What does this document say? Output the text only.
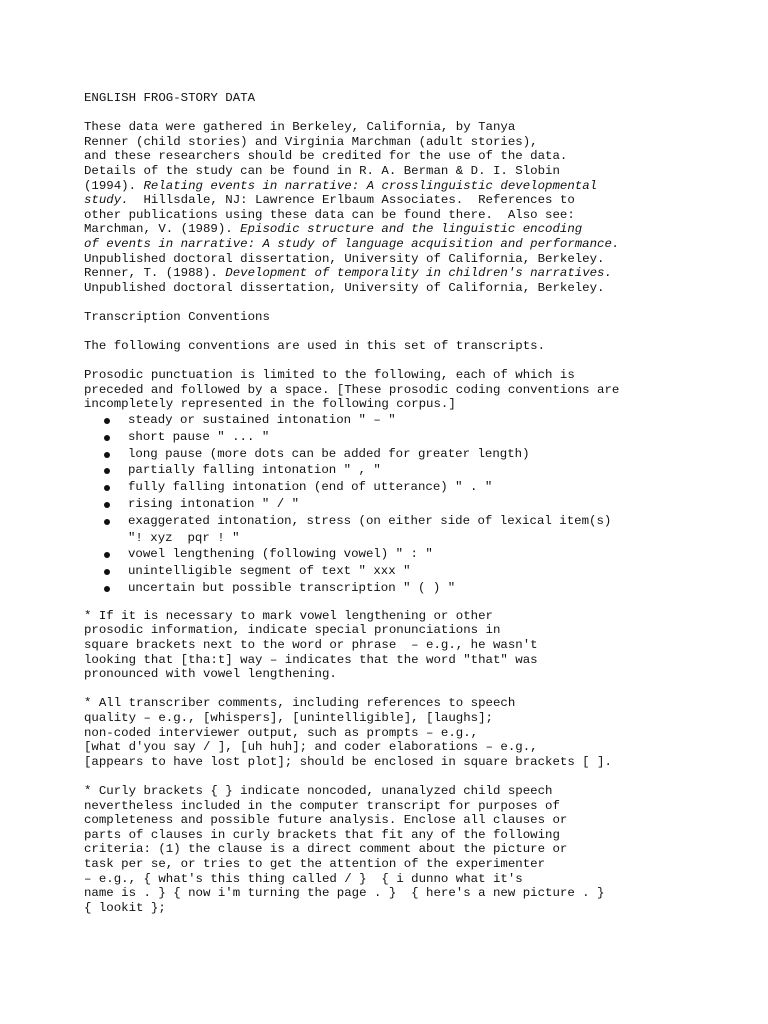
ENGLISH FROG-STORY DATA
These data were gathered in Berkeley, California, by Tanya
Renner (child stories) and Virginia Marchman (adult stories),
and these researchers should be credited for the use of the data.
Details of the study can be found in R. A. Berman & D. I. Slobin
(1994). Relating events in narrative: A crosslinguistic developmental
study.  Hillsdale, NJ: Lawrence Erlbaum Associates.  References to
other publications using these data can be found there.  Also see:
Marchman, V. (1989). Episodic structure and the linguistic encoding
of events in narrative: A study of language acquisition and performance.
Unpublished doctoral dissertation, University of California, Berkeley.
Renner, T. (1988). Development of temporality in children's narratives.
Unpublished doctoral dissertation, University of California, Berkeley.
Transcription Conventions
The following conventions are used in this set of transcripts.
Prosodic punctuation is limited to the following, each of which is
preceded and followed by a space. [These prosodic coding conventions are
incompletely represented in the following corpus.]
steady or sustained intonation " – "
short pause " ... "
long pause (more dots can be added for greater length)
partially falling intonation " , "
fully falling intonation (end of utterance) " . "
rising intonation " / "
exaggerated intonation, stress (on either side of lexical item(s)
"! xyz  pqr ! "
vowel lengthening (following vowel) " : "
unintelligible segment of text " xxx "
uncertain but possible transcription " ( ) "
* If it is necessary to mark vowel lengthening or other
prosodic information, indicate special pronunciations in
square brackets next to the word or phrase  – e.g., he wasn't
looking that [tha:t] way – indicates that the word "that" was
pronounced with vowel lengthening.
* All transcriber comments, including references to speech
quality – e.g., [whispers], [unintelligible], [laughs];
non-coded interviewer output, such as prompts – e.g.,
[what d'you say / ], [uh huh]; and coder elaborations – e.g.,
[appears to have lost plot]; should be enclosed in square brackets [ ].
* Curly brackets { } indicate noncoded, unanalyzed child speech
nevertheless included in the computer transcript for purposes of
completeness and possible future analysis. Enclose all clauses or
parts of clauses in curly brackets that fit any of the following
criteria: (1) the clause is a direct comment about the picture or
task per se, or tries to get the attention of the experimenter
– e.g., { what's this thing called / }  { i dunno what it's
name is . } { now i'm turning the page . }  { here's a new picture . }
{ lookit };
